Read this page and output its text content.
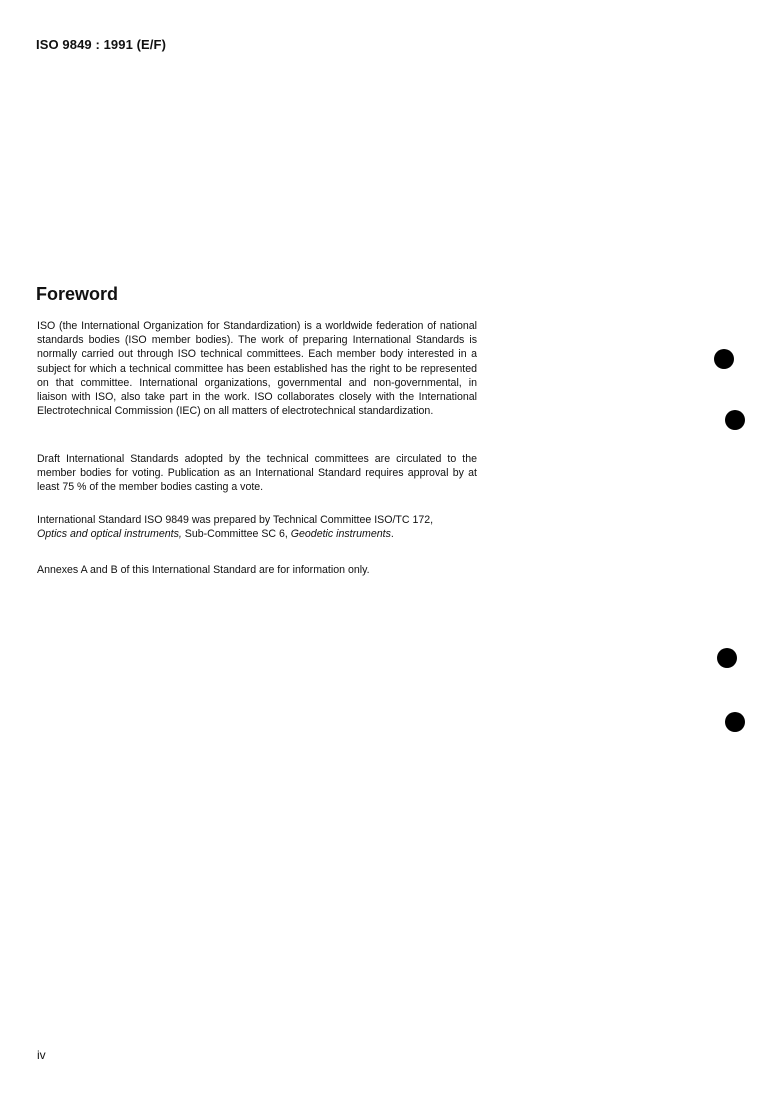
ISO 9849 : 1991 (E/F)
Foreword

ISO (the International Organization for Standardization) is a worldwide federation of national standards bodies (ISO member bodies). The work of preparing International Standards is normally carried out through ISO technical committees. Each member body interested in a subject for which a technical committee has been established has the right to be represented on that committee. International organizations, governmental and non-governmental, in liaison with ISO, also take part in the work. ISO collaborates closely with the International Electrotechnical Commission (IEC) on all matters of electrotechnical standardization.

Draft International Standards adopted by the technical committees are circulated to the member bodies for voting. Publication as an International Standard requires approval by at least 75 % of the member bodies casting a vote.

International Standard ISO 9849 was prepared by Technical Committee ISO/TC 172,
Optics and optical instruments, Sub-Committee SC 6, Geodetic instruments.

Annexes A and B of this International Standard are for information only.

iv
